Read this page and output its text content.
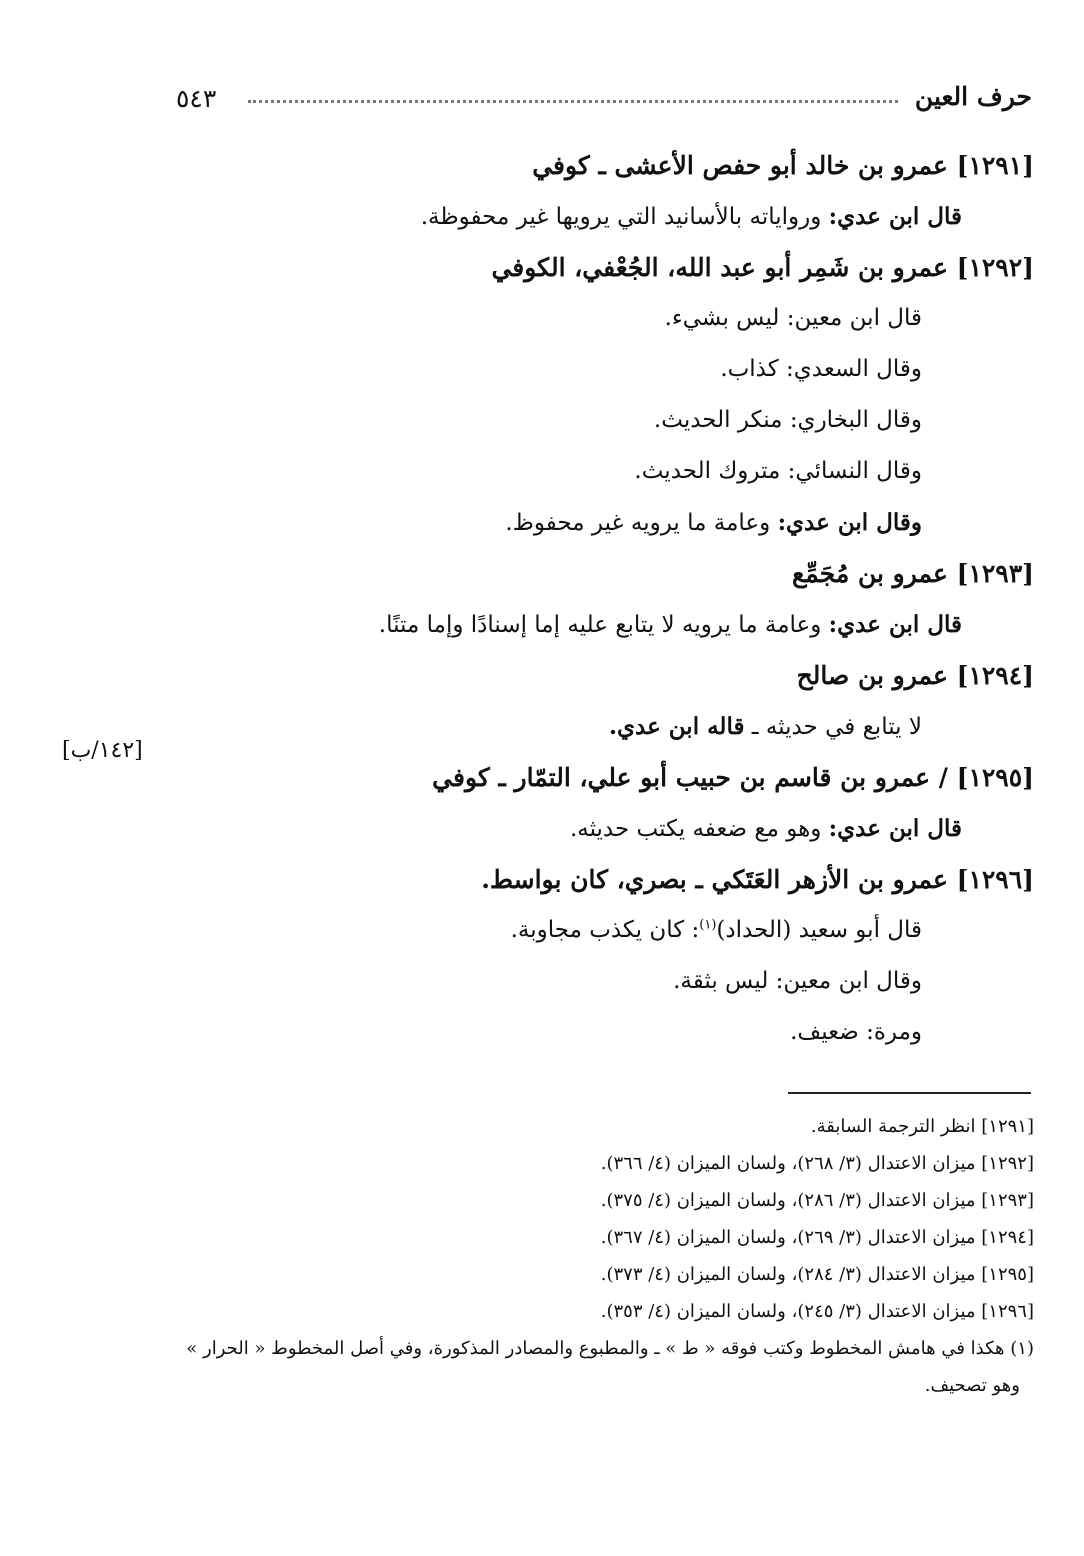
٥٤٣	حرف العين
[١٤٢/ب]
[١٢٩١] عمرو بن خالد أبو حفص الأعشى ـ كوفي
قال ابن عدي: ورواياته بالأسانيد التي يرويها غير محفوظة.
[١٢٩٢] عمرو بن شَمِر أبو عبد الله، الجُعْفي، الكوفي
قال ابن معين: ليس بشيء.
وقال السعدي: كذاب.
وقال البخاري: منكر الحديث.
وقال النسائي: متروك الحديث.
وقال ابن عدي: وعامة ما يرويه غير محفوظ.
[١٢٩٣] عمرو بن مُجَمِّع
قال ابن عدي: وعامة ما يرويه لا يتابع عليه إما إسنادًا وإما متنًا.
[١٢٩٤] عمرو بن صالح
لا يتابع في حديثه ـ قاله ابن عدي.
[١٢٩٥] / عمرو بن قاسم بن حبيب أبو علي، التمّار ـ كوفي
قال ابن عدي: وهو مع ضعفه يكتب حديثه.
[١٢٩٦] عمرو بن الأزهر العَتَكي ـ بصري، كان بواسط.
قال أبو سعيد (الحداد)$^{(١)}$: كان يكذب مجاوبة.
وقال ابن معين: ليس بثقة.
ومرة: ضعيف.
[١٢٩١] انظر الترجمة السابقة.
[١٢٩٢] ميزان الاعتدال (٣/ ٢٦٨)، ولسان الميزان (٤/ ٣٦٦).
[١٢٩٣] ميزان الاعتدال (٣/ ٢٨٦)، ولسان الميزان (٤/ ٣٧٥).
[١٢٩٤] ميزان الاعتدال (٣/ ٢٦٩)، ولسان الميزان (٤/ ٣٦٧).
[١٢٩٥] ميزان الاعتدال (٣/ ٢٨٤)، ولسان الميزان (٤/ ٣٧٣).
[١٢٩٦] ميزان الاعتدال (٣/ ٢٤٥)، ولسان الميزان (٤/ ٣٥٣).
(١) هكذا في هامش المخطوط وكتب فوقه « ط » ـ والمطبوع والمصادر المذكورة، وفي أصل المخطوط « الحرار »
وهو تصحيف.
